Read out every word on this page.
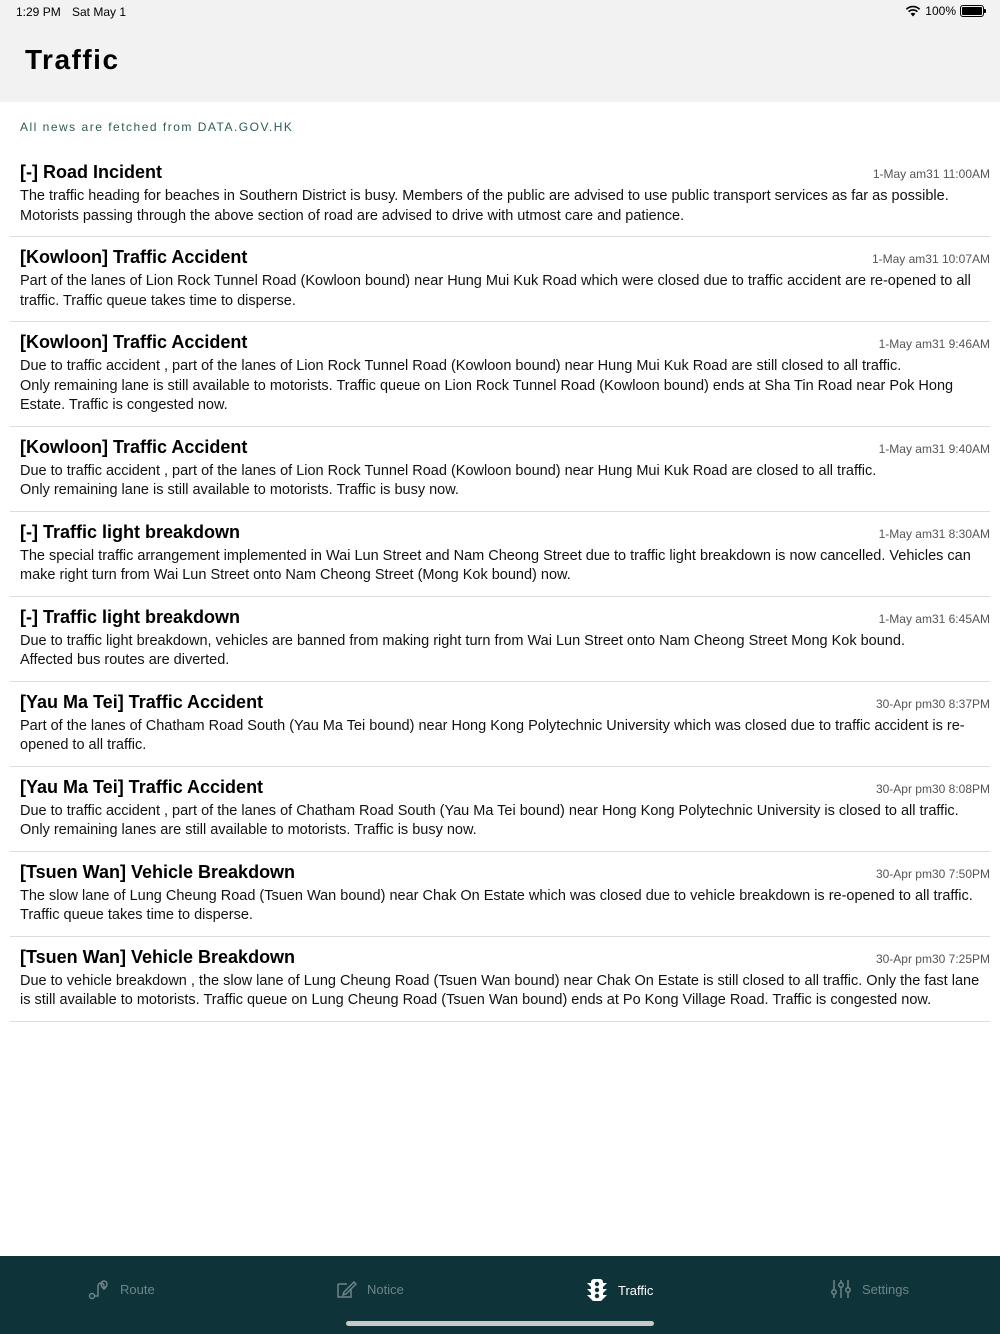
1:29 PM Sat May 1	100%
Traffic
All news are fetched from DATA.GOV.HK
[-] Road Incident	1-May am31 11:00AM
The traffic heading for beaches in Southern District is busy. Members of the public are advised to use public transport services as far as possible. Motorists passing through the above section of road are advised to drive with utmost care and patience.
[Kowloon] Traffic Accident	1-May am31 10:07AM
Part of the lanes of Lion Rock Tunnel Road (Kowloon bound) near Hung Mui Kuk Road which were closed due to traffic accident are re-opened to all traffic. Traffic queue takes time to disperse.
[Kowloon] Traffic Accident	1-May am31 9:46AM
Due to traffic accident , part of the lanes of Lion Rock Tunnel Road (Kowloon bound) near Hung Mui Kuk Road are still closed to all traffic.
Only remaining lane is still available to motorists. Traffic queue on Lion Rock Tunnel Road (Kowloon bound) ends at Sha Tin Road near Pok Hong Estate. Traffic is congested now.
[Kowloon] Traffic Accident	1-May am31 9:40AM
Due to traffic accident , part of the lanes of Lion Rock Tunnel Road (Kowloon bound) near Hung Mui Kuk Road are closed to all traffic.
Only remaining lane is still available to motorists. Traffic is busy now.
[-] Traffic light breakdown	1-May am31 8:30AM
The special traffic arrangement implemented in Wai Lun Street and Nam Cheong Street due to traffic light breakdown is now cancelled. Vehicles can make right turn from Wai Lun Street onto Nam Cheong Street (Mong Kok bound) now.
[-] Traffic light breakdown	1-May am31 6:45AM
Due to traffic light breakdown, vehicles are banned from making right turn from Wai Lun Street onto Nam Cheong Street Mong Kok bound.
Affected bus routes are diverted.
[Yau Ma Tei] Traffic Accident	30-Apr pm30 8:37PM
Part of the lanes of Chatham Road South (Yau Ma Tei bound) near Hong Kong Polytechnic University which was closed due to traffic accident is re-opened to all traffic.
[Yau Ma Tei] Traffic Accident	30-Apr pm30 8:08PM
Due to traffic accident , part of the lanes of Chatham Road South (Yau Ma Tei bound) near Hong Kong Polytechnic University is closed to all traffic.
Only remaining lanes are still available to motorists. Traffic is busy now.
[Tsuen Wan] Vehicle Breakdown	30-Apr pm30 7:50PM
The slow lane of Lung Cheung Road (Tsuen Wan bound) near Chak On Estate which was closed due to vehicle breakdown is re-opened to all traffic. Traffic queue takes time to disperse.
[Tsuen Wan] Vehicle Breakdown	30-Apr pm30 7:25PM
Due to vehicle breakdown , the slow lane of Lung Cheung Road (Tsuen Wan bound) near Chak On Estate is still closed to all traffic. Only the fast lane is still available to motorists. Traffic queue on Lung Cheung Road (Tsuen Wan bound) ends at Po Kong Village Road. Traffic is congested now.
Route	Notice	Traffic	Settings
